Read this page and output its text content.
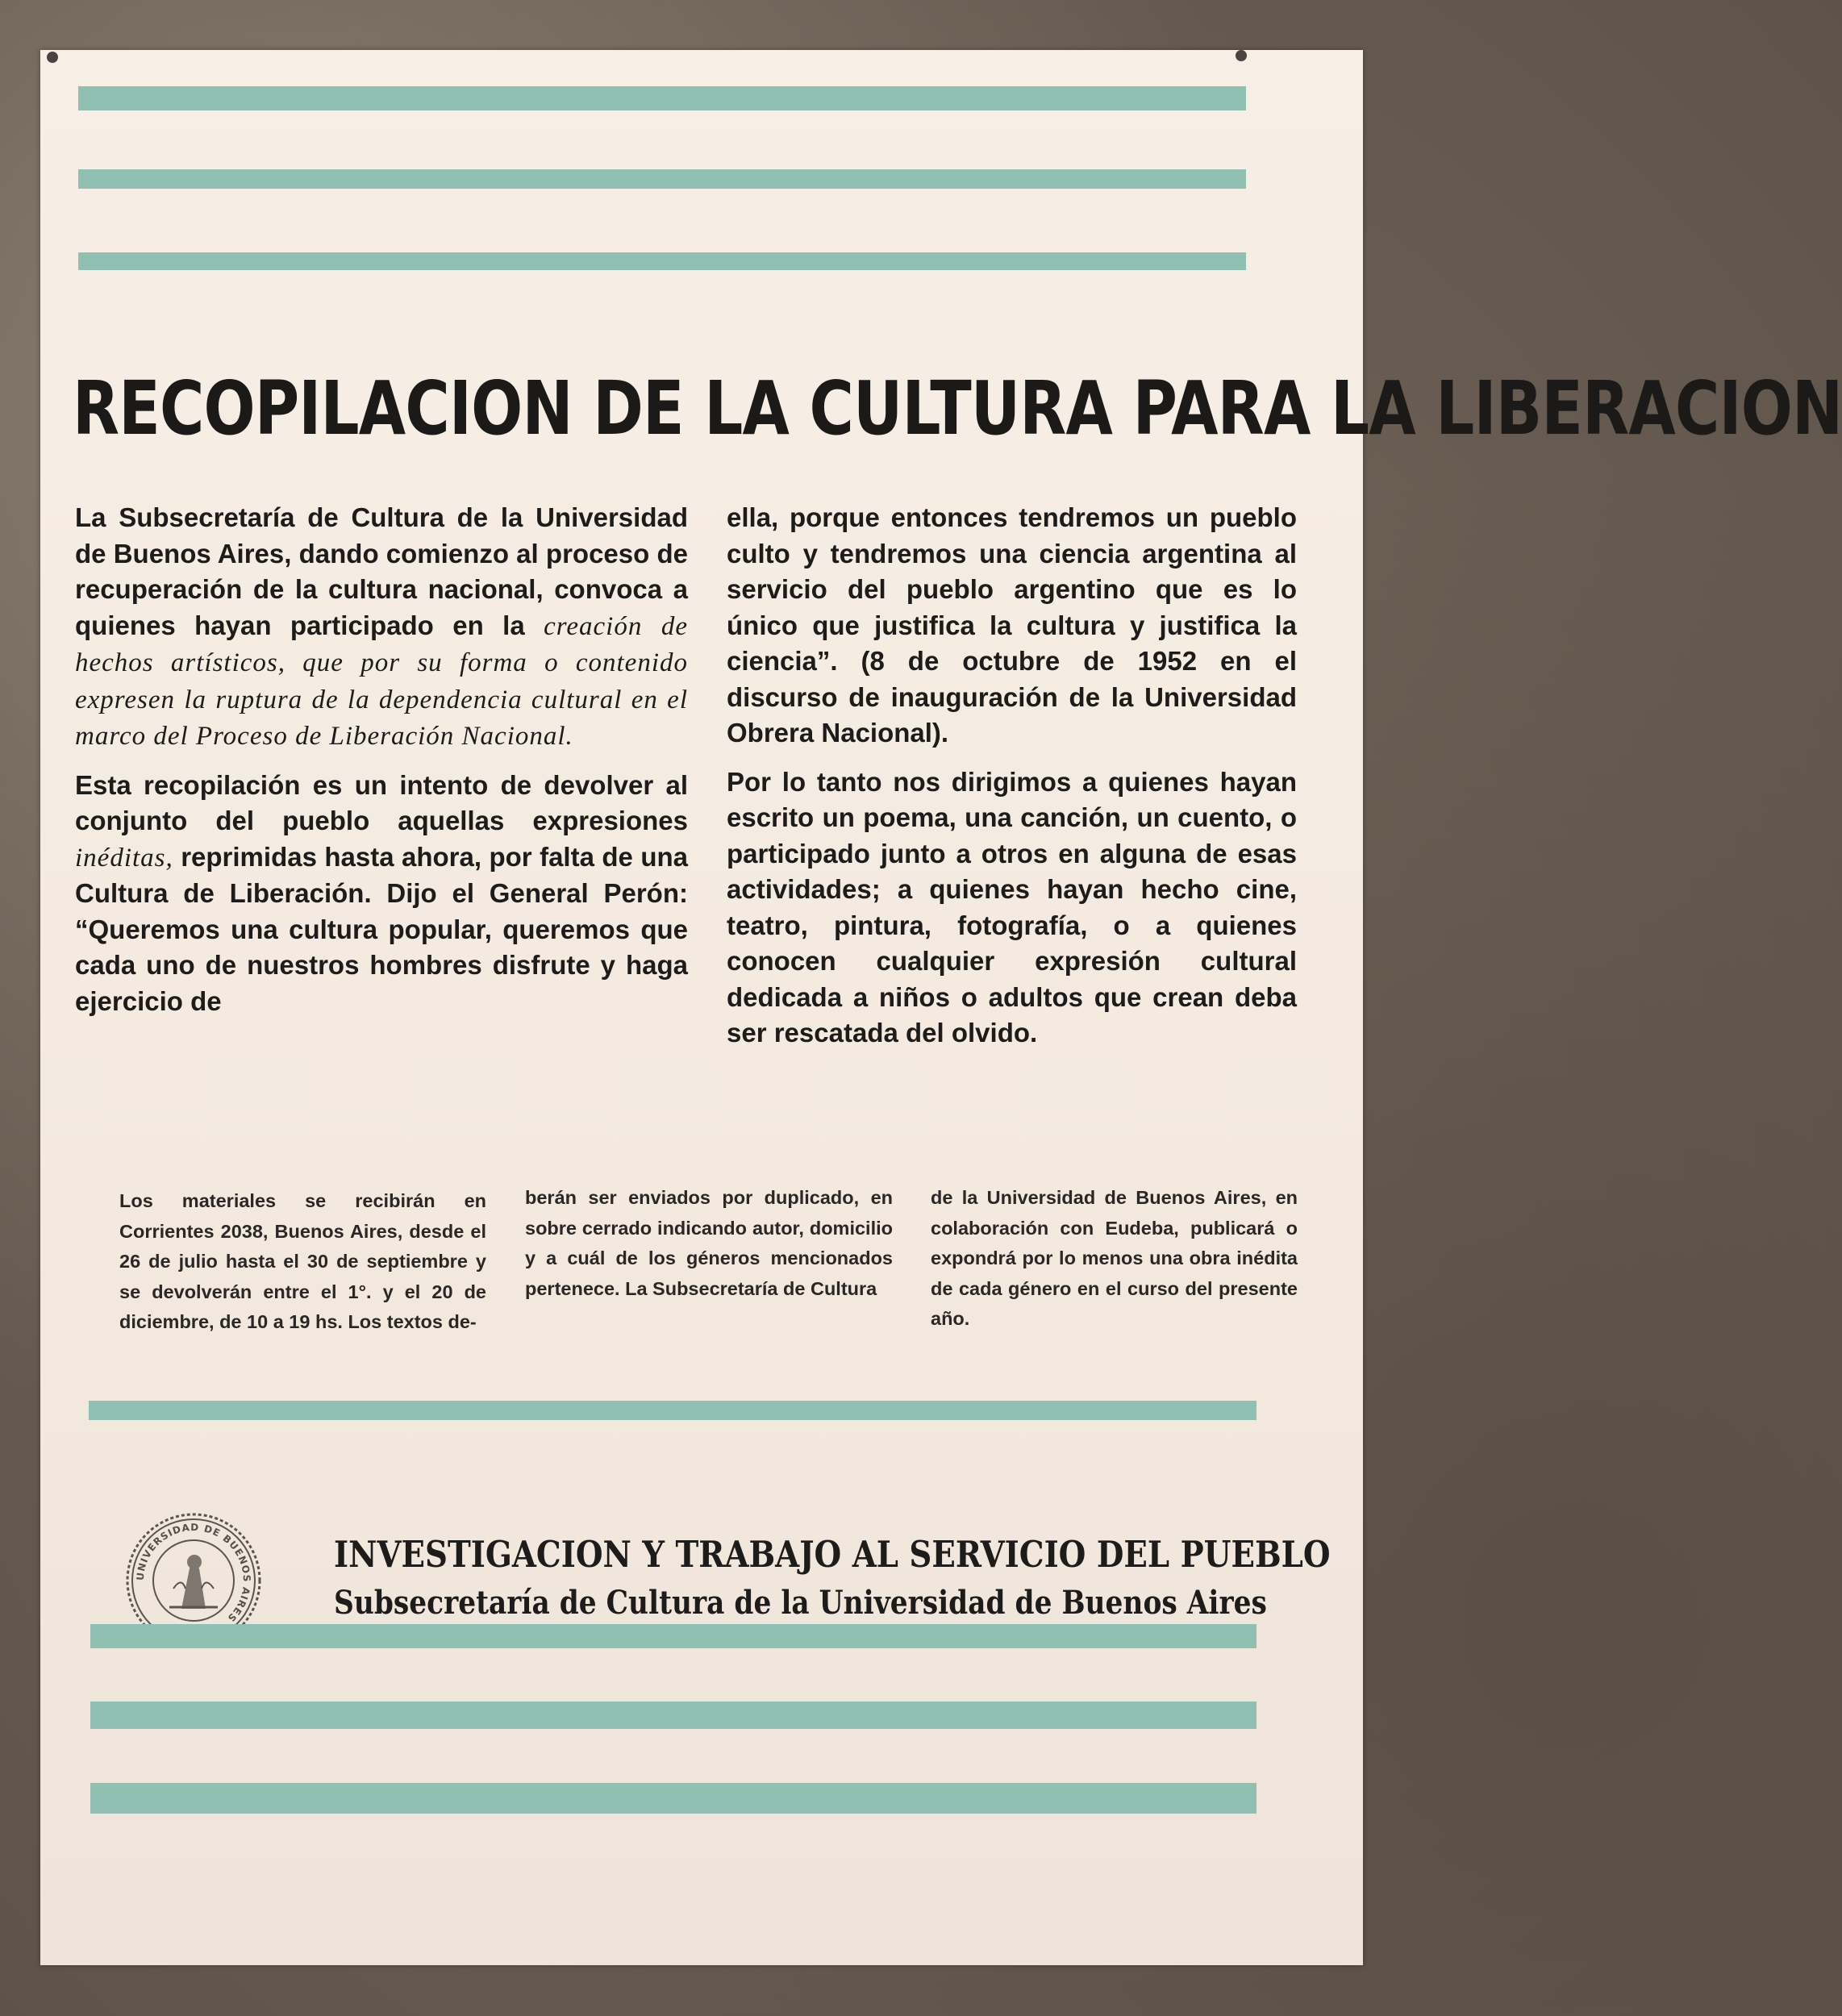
RECOPILACION DE LA CULTURA PARA LA LIBERACION

La Subsecretaría de Cultura de la Universidad de Buenos Aires, dando comienzo al proceso de recuperación de la cultura nacional, convoca a quienes hayan participado en la creación de hechos artísticos, que por su forma o contenido expresen la ruptura de la dependencia cultural en el marco del Proceso de Liberación Nacional.

Esta recopilación es un intento de devolver al conjunto del pueblo aquellas expresiones inéditas, reprimidas hasta ahora, por falta de una Cultura de Liberación. Dijo el General Perón: “Queremos una cultura popular, queremos que cada uno de nuestros hombres disfrute y haga ejercicio de

ella, porque entonces tendremos un pueblo culto y tendremos una ciencia argentina al servicio del pueblo argentino que es lo único que justifica la cultura y justifica la ciencia”. (8 de octubre de 1952 en el discurso de inauguración de la Universidad Obrera Nacional).

Por lo tanto nos dirigimos a quienes hayan escrito un poema, una canción, un cuento, o participado junto a otros en alguna de esas actividades; a quienes hayan hecho cine, teatro, pintura, fotografía, o a quienes conocen cualquier expresión cultural dedicada a niños o adultos que crean deba ser rescatada del olvido.

Los materiales se recibirán en Corrientes 2038, Buenos Aires, desde el 26 de julio hasta el 30 de septiembre y se devolverán entre el 1°. y el 20 de diciembre, de 10 a 19 hs. Los textos de-
berán ser enviados por duplicado, en sobre cerrado indicando autor, domicilio y a cuál de los géneros mencionados pertenece. La Subsecretaría de Cultura
de la Universidad de Buenos Aires, en colaboración con Eudeba, publicará o expondrá por lo menos una obra inédita de cada género en el curso del presente año.
UNIVERSIDAD DE BUENOS AIRES
INVESTIGACION Y TRABAJO AL SERVICIO DEL PUEBLO
Subsecretaría de Cultura de la Universidad de Buenos Aires
